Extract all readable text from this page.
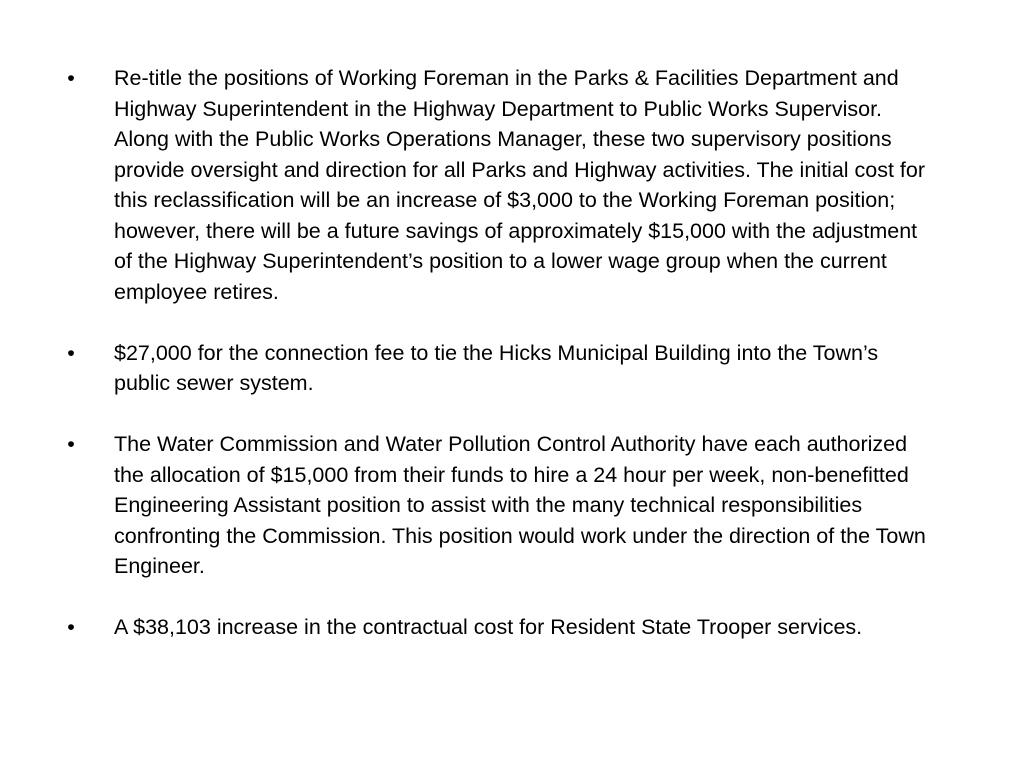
• Re-title the positions of Working Foreman in the Parks & Facilities Department and Highway Superintendent in the Highway Department to Public Works Supervisor. Along with the Public Works Operations Manager, these two supervisory positions provide oversight and direction for all Parks and Highway activities. The initial cost for this reclassification will be an increase of $3,000 to the Working Foreman position; however, there will be a future savings of approximately $15,000 with the adjustment of the Highway Superintendent’s position to a lower wage group when the current employee retires.
• $27,000 for the connection fee to tie the Hicks Municipal Building into the Town’s public sewer system.
• The Water Commission and Water Pollution Control Authority have each authorized the allocation of $15,000 from their funds to hire a 24 hour per week, non-benefitted Engineering Assistant position to assist with the many technical responsibilities confronting the Commission. This position would work under the direction of the Town Engineer.
• A $38,103 increase in the contractual cost for Resident State Trooper services.
